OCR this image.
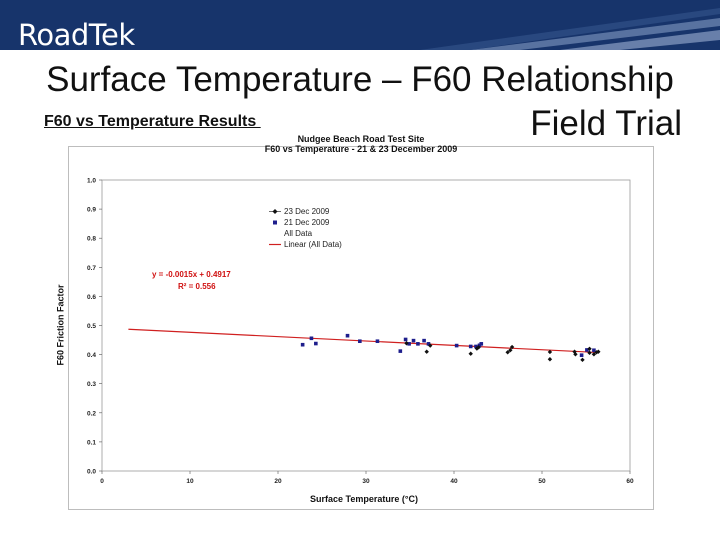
RoadTek
Surface Temperature – F60 Relationship
F60 vs Temperature Results	Field Trial
0.0
0.1
0.2
0.3
0.4
0.5
0.6
0.7
0.8
0.9
1.0
0	10	20	30	40	50	60
Nudgee Beach Road Test Site
F60 vs Temperature - 21 & 23 December 2009
23 Dec 2009
21 Dec 2009
All Data
Linear (All Data)
y = -0.0015x + 0.4917
R² = 0.556
Surface Temperature (°C)
F60 Friction Factor
